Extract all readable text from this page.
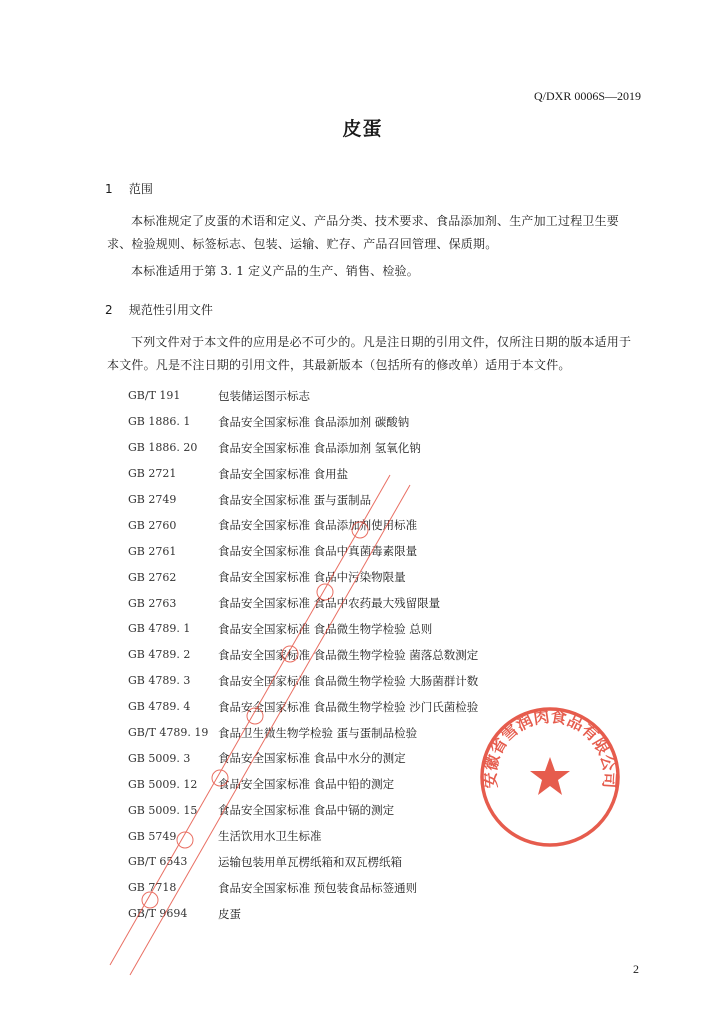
Q/DXR 0006S—2019
皮蛋
1 范围

本标准规定了皮蛋的术语和定义、产品分类、技术要求、食品添加剂、生产加工过程卫生要求、检验规则、标签标志、包装、运输、贮存、产品召回管理、保质期。

本标准适用于第 3. 1 定义产品的生产、销售、检验。

2 规范性引用文件

下列文件对于本文件的应用是必不可少的。凡是注日期的引用文件，仅所注日期的版本适用于本文件。凡是不注日期的引用文件，其最新版本（包括所有的修改单）适用于本文件。

GB/T 191	包装储运图示标志
GB 1886. 1	食品安全国家标准 食品添加剂 碳酸钠
GB 1886. 20	食品安全国家标准 食品添加剂 氢氧化钠
GB 2721	食品安全国家标准 食用盐
GB 2749	食品安全国家标准 蛋与蛋制品
GB 2760	食品安全国家标准 食品添加剂使用标准
GB 2761	食品安全国家标准 食品中真菌毒素限量
GB 2762	食品安全国家标准 食品中污染物限量
GB 2763	食品安全国家标准 食品中农药最大残留限量
GB 4789. 1	食品安全国家标准 食品微生物学检验 总则
GB 4789. 2	食品安全国家标准 食品微生物学检验 菌落总数测定
GB 4789. 3	食品安全国家标准 食品微生物学检验 大肠菌群计数
GB 4789. 4	食品安全国家标准 食品微生物学检验 沙门氏菌检验
GB/T 4789. 19 食品卫生微生物学检验 蛋与蛋制品检验
GB 5009. 3	食品安全国家标准 食品中水分的测定
GB 5009. 12	食品安全国家标准 食品中铅的测定
GB 5009. 15	食品安全国家标准 食品中镉的测定
GB 5749	生活饮用水卫生标准
GB/T 6543	运输包装用单瓦楞纸箱和双瓦楞纸箱
GB 7718	食品安全国家标准 预包装食品标签通则
GB/T 9694	皮蛋
安徽省雪润肉食品有限公司
2
